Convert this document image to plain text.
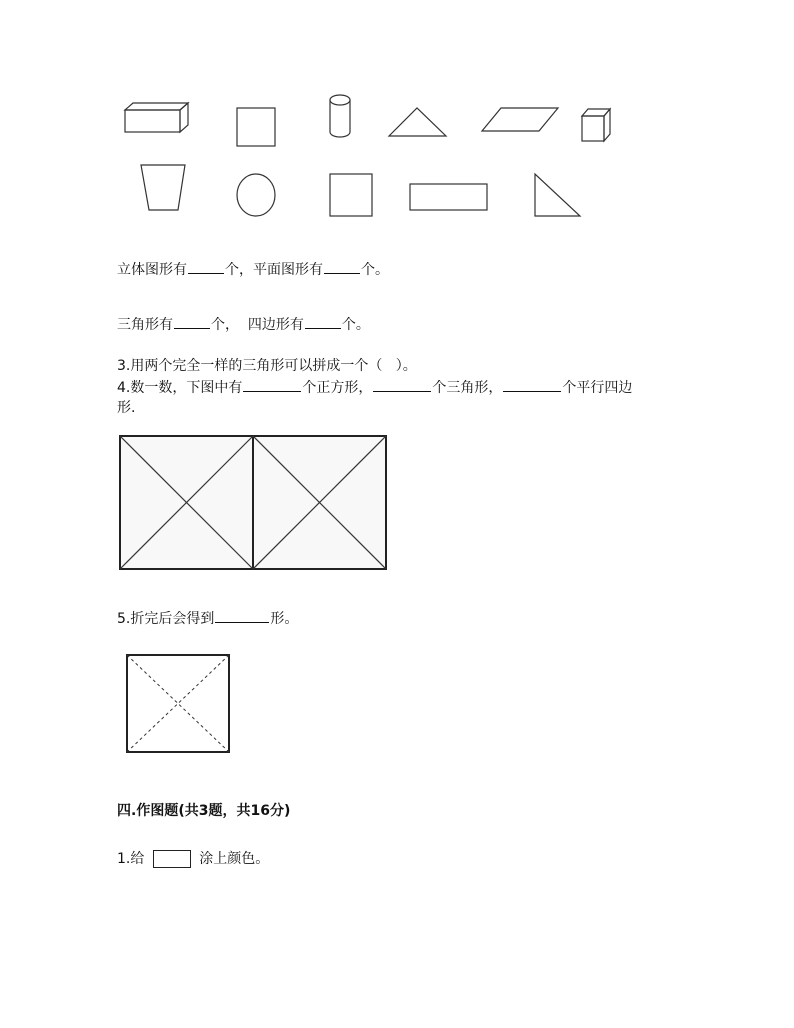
立体图形有	个，平面图形有	个。
三角形有	个，  四边形有	个。
3.用两个完全一样的三角形可以拼成一个（   ）。
4.数一数，下图中有	个正方形，	个三角形，	个平行四边
形.
5.折完后会得到	形。
四.作图题(共3题，共16分)
1.给	涂上颜色。
